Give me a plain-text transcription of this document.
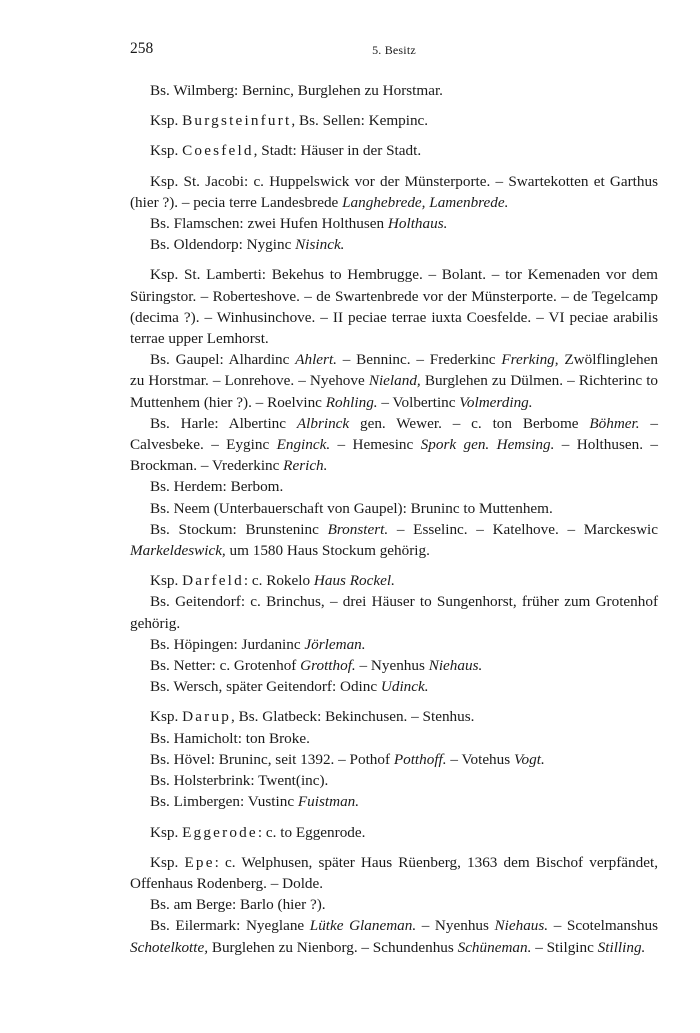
258	5. Besitz

Bs. Wilmberg: Berninc, Burglehen zu Horstmar.

Ksp. Burgsteinfurt, Bs. Sellen: Kempinc.

Ksp. Coesfeld, Stadt: Häuser in der Stadt.

Ksp. St. Jacobi: c. Huppelswick vor der Münsterporte. – Swartekotten et Garthus (hier ?). – pecia terre Landesbrede Langhebrede, Lamenbrede.

Bs. Flamschen: zwei Hufen Holthusen Holthaus.

Bs. Oldendorp: Nyginc Nisinck.

Ksp. St. Lamberti: Bekehus to Hembrugge. – Bolant. – tor Kemenaden vor dem Süringstor. – Roberteshove. – de Swartenbrede vor der Münsterporte. – de Tegelcamp (decima ?). – Winhusinchove. – II peciae terrae iuxta Coesfelde. – VI peciae arabilis terrae upper Lemhorst.

Bs. Gaupel: Alhardinc Ahlert. – Benninc. – Frederkinc Frerking, Zwölflinglehen zu Horstmar. – Lonrehove. – Nyehove Nieland, Burglehen zu Dülmen. – Richterinc to Muttenhem (hier ?). – Roelvinc Rohling. – Volbertinc Volmerding.

Bs. Harle: Albertinc Albrinck gen. Wewer. – c. ton Berbome Böhmer. – Calvesbeke. – Eyginc Enginck. – Hemesinc Spork gen. Hemsing. – Holthusen. – Brockman. – Vrederkinc Rerich.

Bs. Herdem: Berbom.

Bs. Neem (Unterbauerschaft von Gaupel): Bruninc to Muttenhem.

Bs. Stockum: Brunsteninc Bronstert. – Esselinc. – Katelhove. – Marckeswic Markeldeswick, um 1580 Haus Stockum gehörig.

Ksp. Darfeld: c. Rokelo Haus Rockel.

Bs. Geitendorf: c. Brinchus, – drei Häuser to Sungenhorst, früher zum Grotenhof gehörig.

Bs. Höpingen: Jurdaninc Jörleman.

Bs. Netter: c. Grotenhof Grotthof. – Nyenhus Niehaus.

Bs. Wersch, später Geitendorf: Odinc Udinck.

Ksp. Darup, Bs. Glatbeck: Bekinchusen. – Stenhus.

Bs. Hamicholt: ton Broke.

Bs. Hövel: Bruninc, seit 1392. – Pothof Potthoff. – Votehus Vogt.

Bs. Holsterbrink: Twent(inc).

Bs. Limbergen: Vustinc Fuistman.

Ksp. Eggerode: c. to Eggenrode.

Ksp. Epe: c. Welphusen, später Haus Rüenberg, 1363 dem Bischof verpfändet, Offenhaus Rodenberg. – Dolde.

Bs. am Berge: Barlo (hier ?).

Bs. Eilermark: Nyeglane Lütke Glaneman. – Nyenhus Niehaus. – Scotelmanshus Schotelkotte, Burglehen zu Nienborg. – Schundenhus Schüneman. – Stilginc Stilling.
